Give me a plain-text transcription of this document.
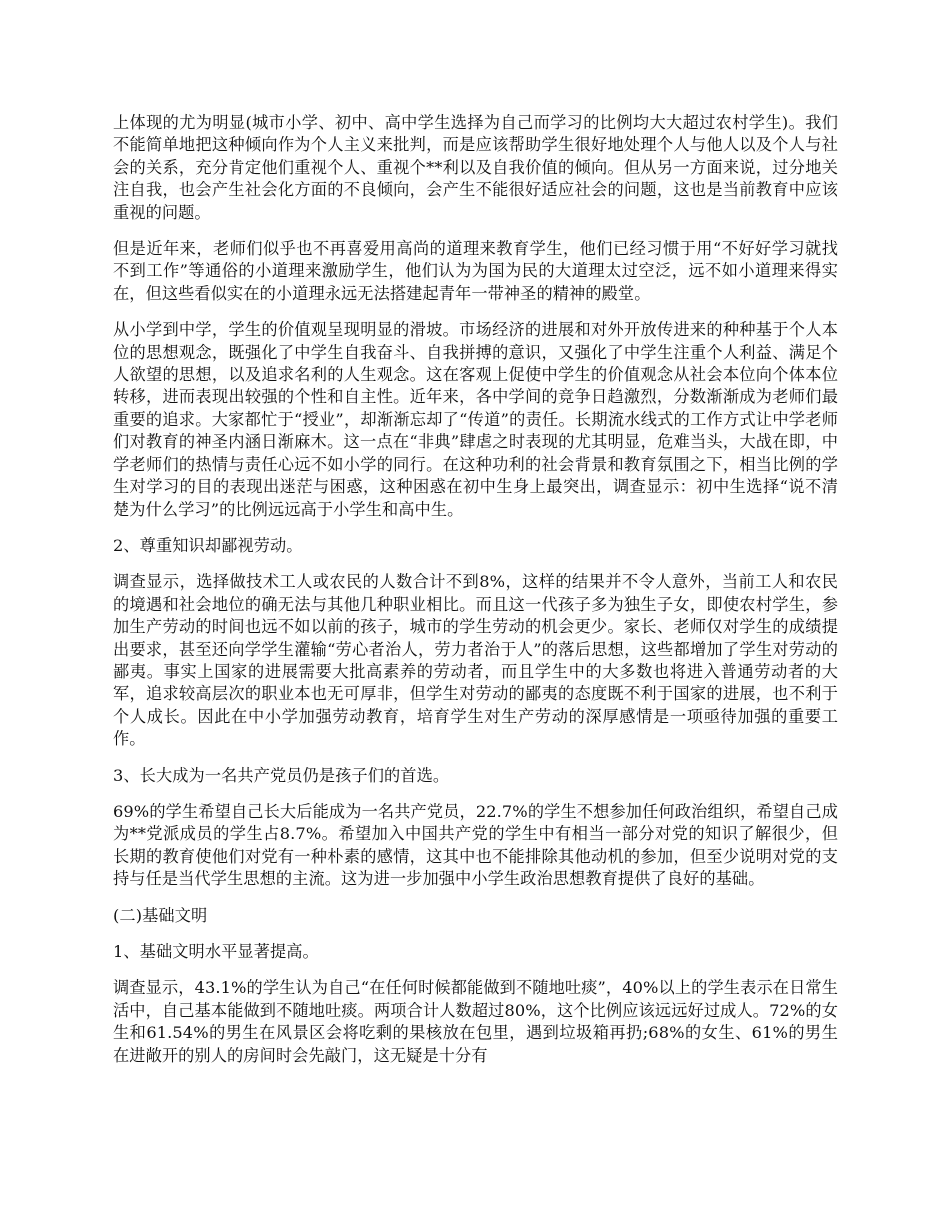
上体现的尤为明显(城市小学、初中、高中学生选择为自己而学习的比例均大大超过农村学生)。我们不能简单地把这种倾向作为个人主义来批判，而是应该帮助学生很好地处理个人与他人以及个人与社会的关系，充分肯定他们重视个人、重视个**利以及自我价值的倾向。但从另一方面来说，过分地关注自我，也会产生社会化方面的不良倾向，会产生不能很好适应社会的问题，这也是当前教育中应该重视的问题。

但是近年来，老师们似乎也不再喜爱用高尚的道理来教育学生，他们已经习惯于用“不好好学习就找不到工作”等通俗的小道理来激励学生，他们认为为国为民的大道理太过空泛，远不如小道理来得实在，但这些看似实在的小道理永远无法搭建起青年一带神圣的精神的殿堂。

从小学到中学，学生的价值观呈现明显的滑坡。市场经济的进展和对外开放传进来的种种基于个人本位的思想观念，既强化了中学生自我奋斗、自我拼搏的意识，又强化了中学生注重个人利益、满足个人欲望的思想，以及追求名利的人生观念。这在客观上促使中学生的价值观念从社会本位向个体本位转移，进而表现出较强的个性和自主性。近年来，各中学间的竞争日趋激烈，分数渐渐成为老师们最重要的追求。大家都忙于“授业”，却渐渐忘却了“传道”的责任。长期流水线式的工作方式让中学老师们对教育的神圣内涵日渐麻木。这一点在“非典”肆虐之时表现的尤其明显，危难当头，大战在即，中学老师们的热情与责任心远不如小学的同行。在这种功利的社会背景和教育氛围之下，相当比例的学生对学习的目的表现出迷茫与困惑，这种困惑在初中生身上最突出，调查显示：初中生选择“说不清楚为什么学习”的比例远远高于小学生和高中生。

2、尊重知识却鄙视劳动。

调查显示，选择做技术工人或农民的人数合计不到8%，这样的结果并不令人意外，当前工人和农民的境遇和社会地位的确无法与其他几种职业相比。而且这一代孩子多为独生子女，即使农村学生，参加生产劳动的时间也远不如以前的孩子，城市的学生劳动的机会更少。家长、老师仅对学生的成绩提出要求，甚至还向学学生灌输“劳心者治人，劳力者治于人”的落后思想，这些都增加了学生对劳动的鄙夷。事实上国家的进展需要大批高素养的劳动者，而且学生中的大多数也将进入普通劳动者的大军，追求较高层次的职业本也无可厚非，但学生对劳动的鄙夷的态度既不利于国家的进展，也不利于个人成长。因此在中小学加强劳动教育，培育学生对生产劳动的深厚感情是一项亟待加强的重要工作。

3、长大成为一名共产党员仍是孩子们的首选。

69%的学生希望自己长大后能成为一名共产党员，22.7%的学生不想参加任何政治组织，希望自己成为**党派成员的学生占8.7%。希望加入中国共产党的学生中有相当一部分对党的知识了解很少，但长期的教育使他们对党有一种朴素的感情，这其中也不能排除其他动机的参加，但至少说明对党的支持与任是当代学生思想的主流。这为进一步加强中小学生政治思想教育提供了良好的基础。

(二)基础文明

1、基础文明水平显著提高。

调查显示，43.1%的学生认为自己“在任何时候都能做到不随地吐痰”，40%以上的学生表示在日常生活中，自己基本能做到不随地吐痰。两项合计人数超过80%，这个比例应该远远好过成人。72%的女生和61.54%的男生在风景区会将吃剩的果核放在包里，遇到垃圾箱再扔;68%的女生、61%的男生在进敞开的别人的房间时会先敲门，这无疑是十分有
